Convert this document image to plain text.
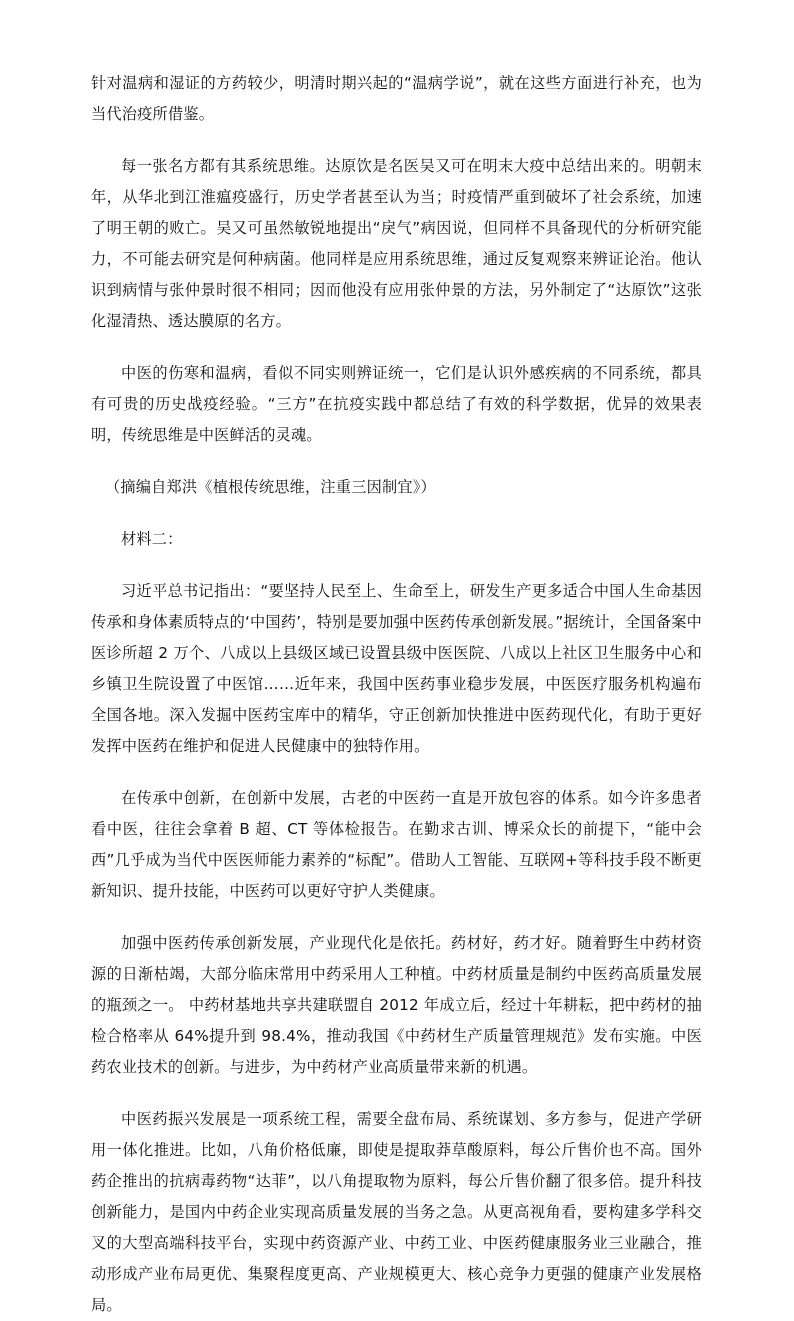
针对温病和湿证的方药较少，明清时期兴起的“温病学说”，就在这些方面进行补充，也为当代治疫所借鉴。

每一张名方都有其系统思维。达原饮是名医吴又可在明末大疫中总结出来的。明朝末年，从华北到江淮瘟疫盛行，历史学者甚至认为当；时疫情严重到破坏了社会系统，加速了明王朝的败亡。吴又可虽然敏锐地提出“戾气”病因说，但同样不具备现代的分析研究能力，不可能去研究是何种病菌。他同样是应用系统思维，通过反复观察来辨证论治。他认识到病情与张仲景时很不相同；因而他没有应用张仲景的方法，另外制定了“达原饮”这张化湿清热、透达膜原的名方。

中医的伤寒和温病，看似不同实则辨证统一，它们是认识外感疾病的不同系统，都具有可贵的历史战疫经验。“三方”在抗疫实践中都总结了有效的科学数据，优异的效果表明，传统思维是中医鲜活的灵魂。

（摘编自郑洪《植根传统思维，注重三因制宜》）

材料二：

习近平总书记指出：“要坚持人民至上、生命至上，研发生产更多适合中国人生命基因传承和身体素质特点的‘中国药’，特别是要加强中医药传承创新发展。”据统计，全国备案中医诊所超 2 万个、八成以上县级区域已设置县级中医医院、八成以上社区卫生服务中心和乡镇卫生院设置了中医馆……近年来，我国中医药事业稳步发展，中医医疗服务机构遍布全国各地。深入发掘中医药宝库中的精华，守正创新加快推进中医药现代化，有助于更好发挥中医药在维护和促进人民健康中的独特作用。

在传承中创新，在创新中发展，古老的中医药一直是开放包容的体系。如今许多患者看中医，往往会拿着 B 超、CT 等体检报告。在勤求古训、博采众长的前提下，“能中会西”几乎成为当代中医医师能力素养的“标配”。借助人工智能、互联网+等科技手段不断更新知识、提升技能，中医药可以更好守护人类健康。

加强中医药传承创新发展，产业现代化是依托。药材好，药才好。随着野生中药材资源的日渐枯竭，大部分临床常用中药采用人工种植。中药材质量是制约中医药高质量发展的瓶颈之一。 中药材基地共享共建联盟自 2012 年成立后，经过十年耕耘，把中药材的抽检合格率从 64%提升到 98.4%，推动我国《中药材生产质量管理规范》发布实施。中医药农业技术的创新。与进步，为中药材产业高质量带来新的机遇。

中医药振兴发展是一项系统工程，需要全盘布局、系统谋划、多方参与，促进产学研用一体化推进。比如，八角价格低廉，即使是提取莽草酸原料，每公斤售价也不高。国外药企推出的抗病毒药物“达菲”，以八角提取物为原料，每公斤售价翻了很多倍。提升科技创新能力，是国内中药企业实现高质量发展的当务之急。从更高视角看，要构建多学科交叉的大型高端科技平台，实现中药资源产业、中药工业、中医药健康服务业三业融合，推动形成产业布局更优、集聚程度更高、产业规模更大、核心竞争力更强的健康产业发展格局。
